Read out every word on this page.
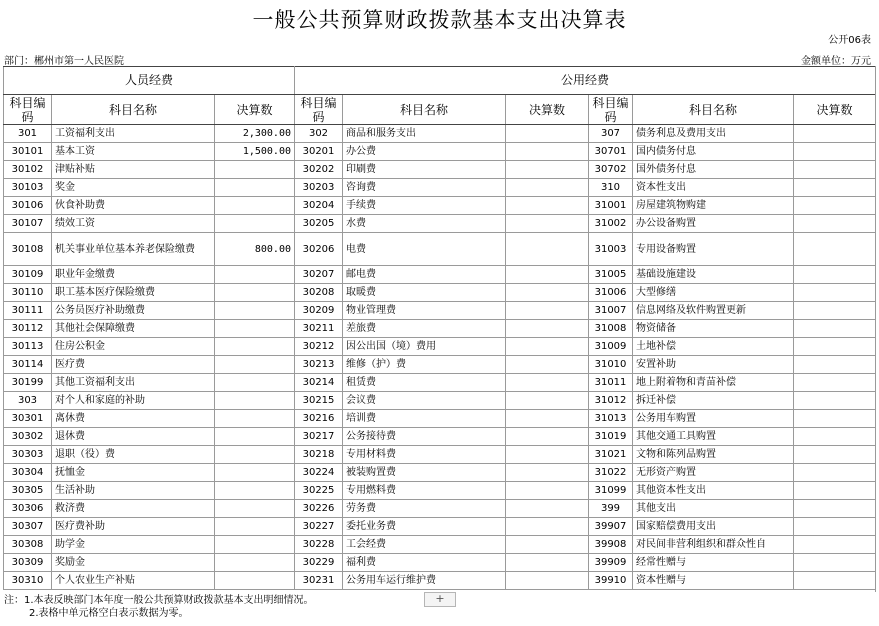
一般公共预算财政拨款基本支出决算表
公开06表
部门：郴州市第一人民医院	金额单位：万元
人员经费			公用经费					
科目编码	科目名称	决算数	科目编码	科目名称	决算数	科目编码	科目名称	决算数
301	工资福利支出	2,300.00	302	商品和服务支出		307	债务利息及费用支出	
30101	基本工资	1,500.00	30201	办公费		30701	国内债务付息	
30102	津贴补贴		30202	印刷费		30702	国外债务付息	
30103	奖金		30203	咨询费		310	资本性支出	
30106	伙食补助费		30204	手续费		31001	房屋建筑物购建	
30107	绩效工资		30205	水费		31002	办公设备购置	
30108	机关事业单位基本养老保险缴费	800.00	30206	电费		31003	专用设备购置	
30109	职业年金缴费		30207	邮电费		31005	基础设施建设	
30110	职工基本医疗保险缴费		30208	取暖费		31006	大型修缮	
30111	公务员医疗补助缴费		30209	物业管理费		31007	信息网络及软件购置更新	
30112	其他社会保障缴费		30211	差旅费		31008	物资储备	
30113	住房公积金		30212	因公出国（境）费用		31009	土地补偿	
30114	医疗费		30213	维修（护）费		31010	安置补助	
30199	其他工资福利支出		30214	租赁费		31011	地上附着物和青苗补偿	
303	对个人和家庭的补助		30215	会议费		31012	拆迁补偿	
30301	离休费		30216	培训费		31013	公务用车购置	
30302	退休费		30217	公务接待费		31019	其他交通工具购置	
30303	退职（役）费		30218	专用材料费		31021	文物和陈列品购置	
30304	抚恤金		30224	被装购置费		31022	无形资产购置	
30305	生活补助		30225	专用燃料费		31099	其他资本性支出	
30306	救济费		30226	劳务费		399	其他支出	
30307	医疗费补助		30227	委托业务费		39907	国家赔偿费用支出	
30308	助学金		30228	工会经费		39908	对民间非营利组织和群众性自	
30309	奖励金		30229	福利费		39909	经常性赠与	
30310	个人农业生产补贴		30231	公务用车运行维护费		39910	资本性赠与	
+
注：1.本表反映部门本年度一般公共预算财政拨款基本支出明细情况。
2.表格中单元格空白表示数据为零。
